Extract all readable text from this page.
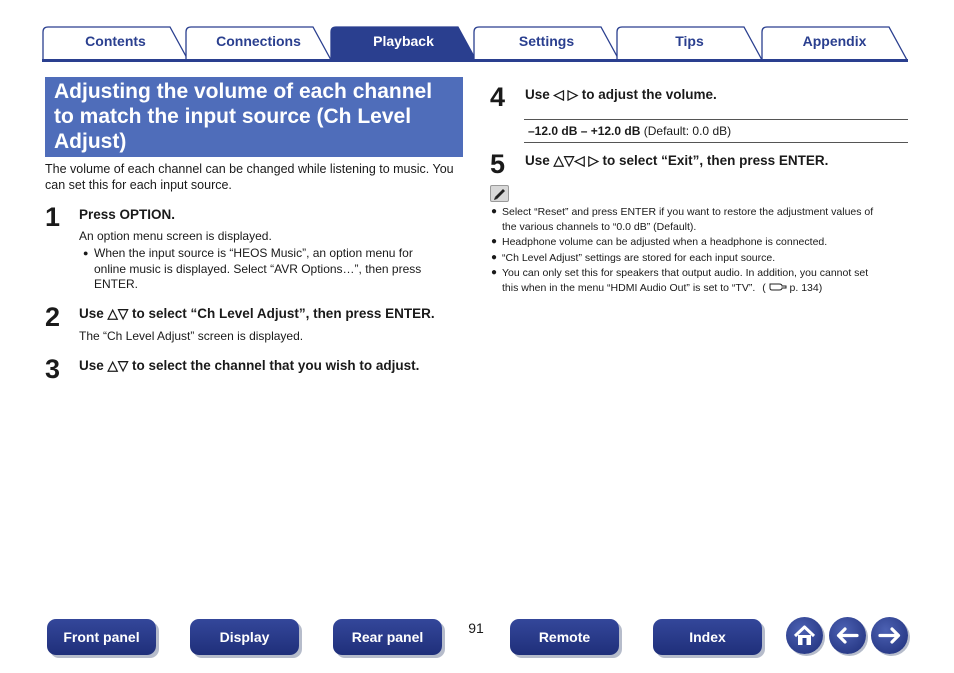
Contents	Connections	Playback	Settings	Tips	Appendix
Adjusting the volume of each channel
to match the input source (Ch Level
Adjust)
The volume of each channel can be changed while listening to music. You
can set this for each input source.
1 Press OPTION.
An option menu screen is displayed.
● When the input source is “HEOS Music”, an option menu for
online music is displayed. Select “AVR Options…”, then press
ENTER.
2 Use △▽ to select “Ch Level Adjust”, then press ENTER.
The “Ch Level Adjust” screen is displayed.
3 Use △▽ to select the channel that you wish to adjust.
4 Use ◁ ▷ to adjust the volume.
–12.0 dB – +12.0 dB (Default: 0.0 dB)
5 Use △▽◁ ▷ to select “Exit”, then press ENTER.
● Select “Reset” and press ENTER if you want to restore the adjustment values of
the various channels to “0.0 dB” (Default).
● Headphone volume can be adjusted when a headphone is connected.
● “Ch Level Adjust” settings are stored for each input source.
● You can only set this for speakers that output audio. In addition, you cannot set
this when in the menu “HDMI Audio Out” is set to “TV”. ( p. 134)
Front panel	Display	Rear panel
91
Remote	Index
